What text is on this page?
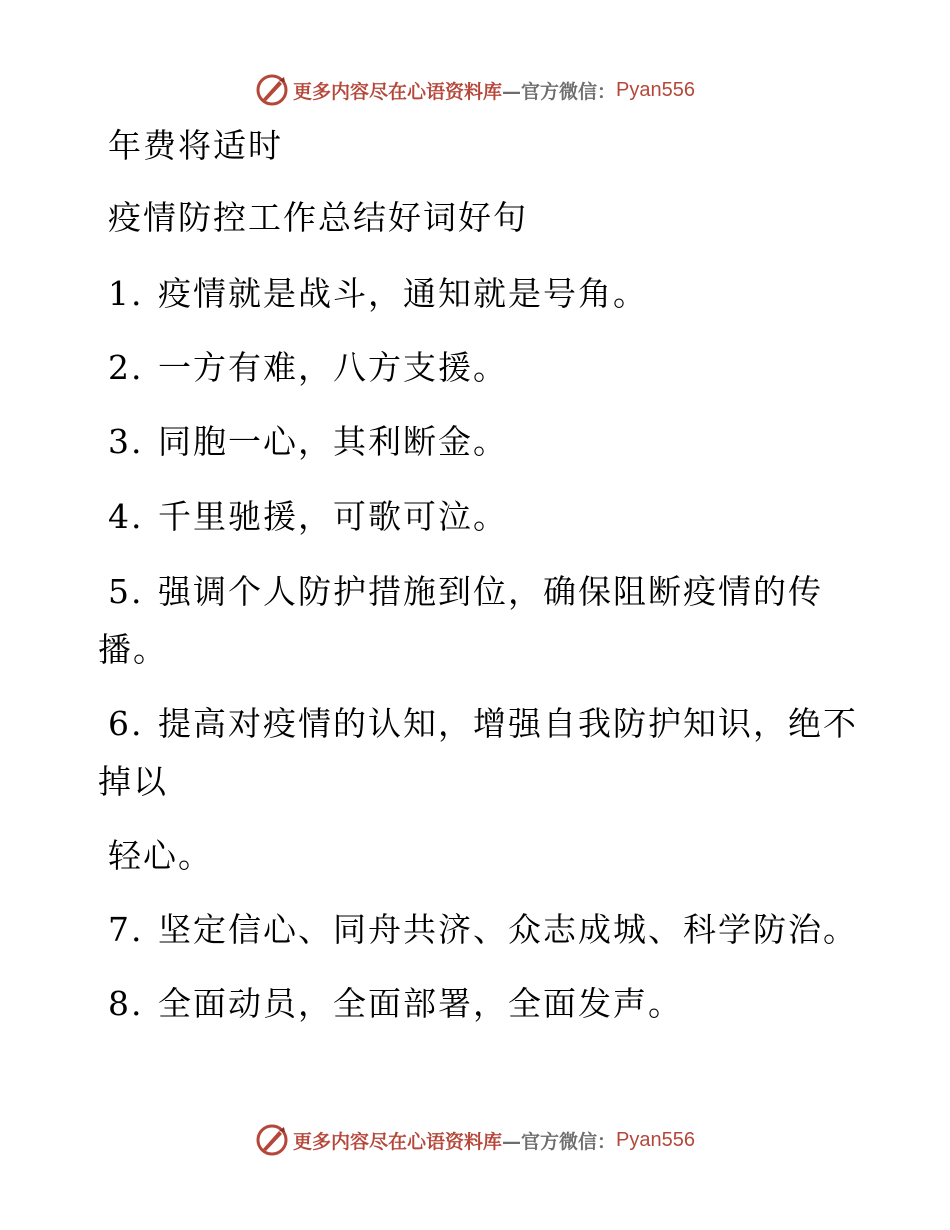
更多内容尽在心语资料库 —官方微信： Pyan556
年费将适时
疫情防控工作总结好词好句
1. 疫情就是战斗，通知就是号角。
2. 一方有难，八方支援。
3. 同胞一心，其利断金。
4. 千里驰援，可歌可泣。
5. 强调个人防护措施到位，确保阻断疫情的传
播。
6. 提高对疫情的认知，增强自我防护知识，绝不
掉以
轻心。
7. 坚定信心、同舟共济、众志成城、科学防治。
8. 全面动员，全面部署，全面发声。
更多内容尽在心语资料库 —官方微信： Pyan556
